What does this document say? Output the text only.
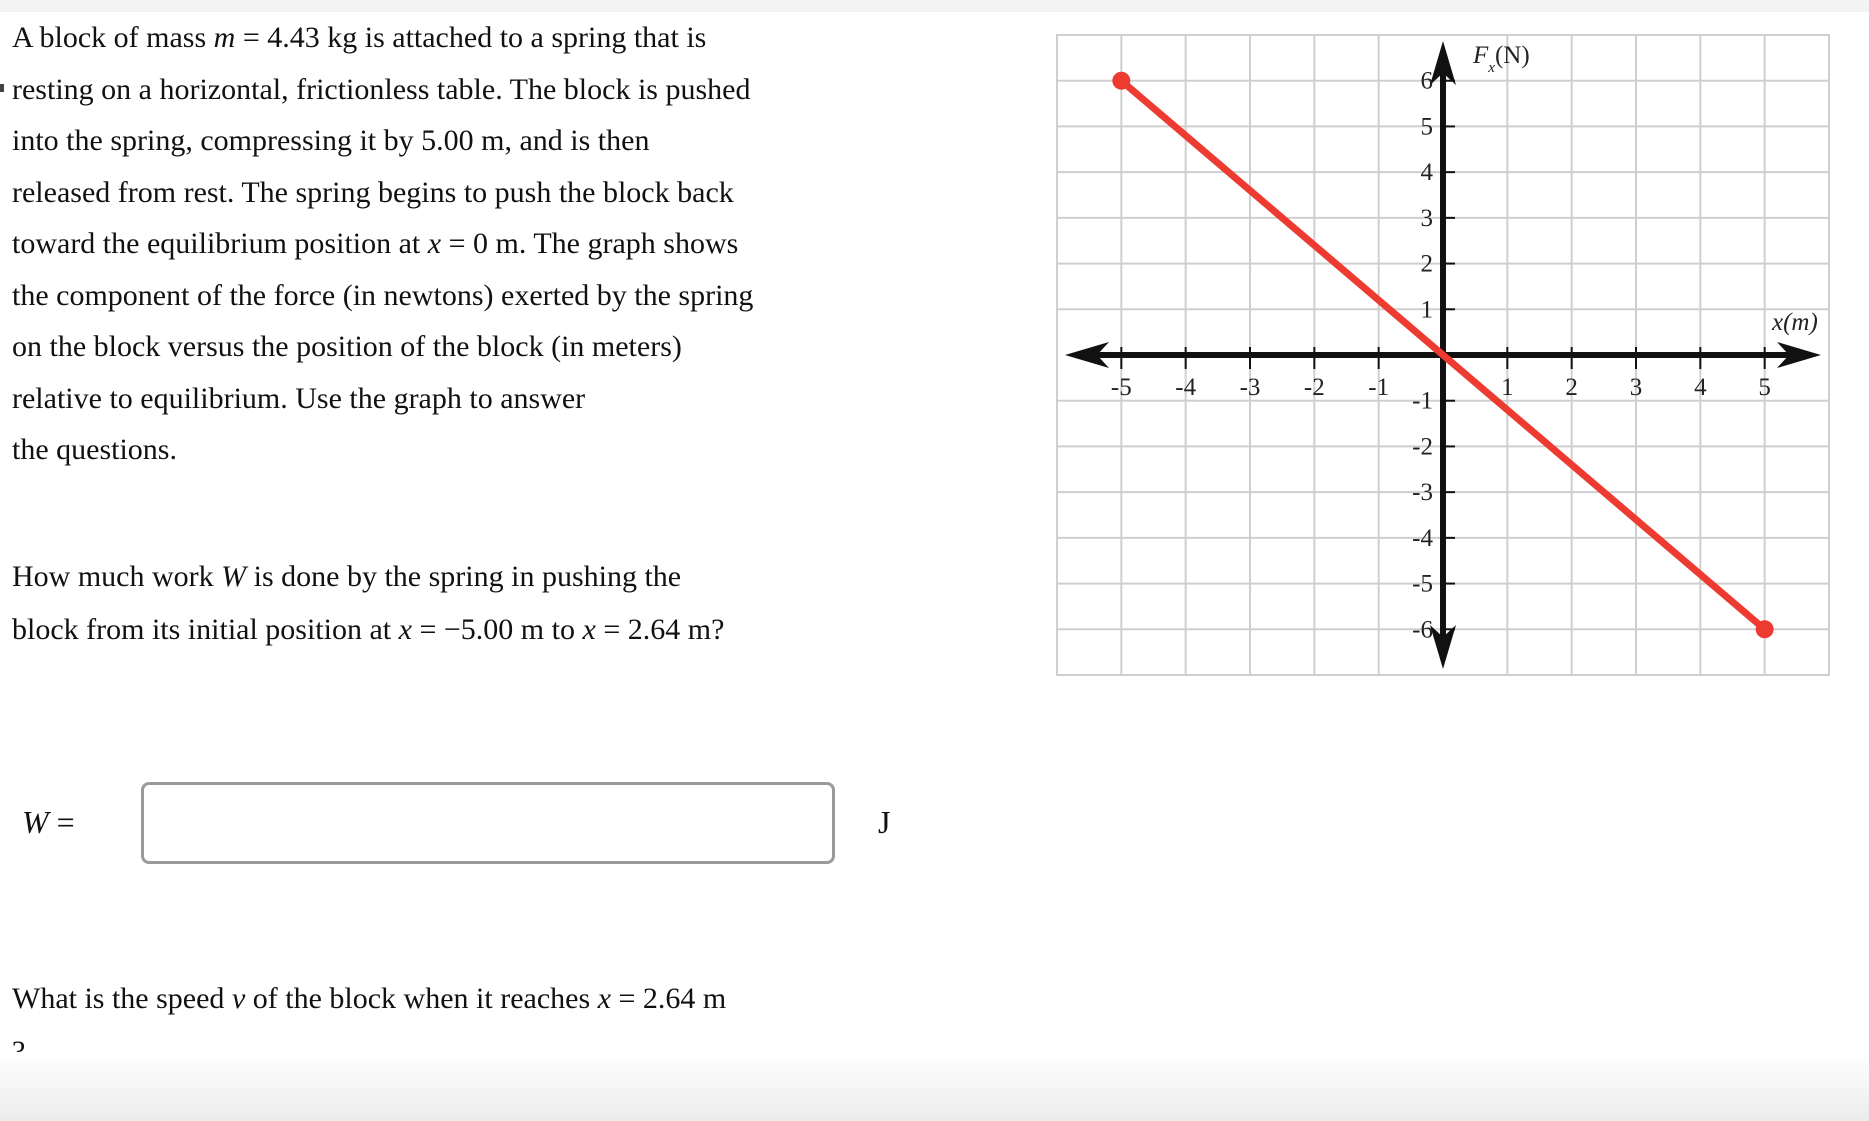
A block of mass m = 4.43 kg is attached to a spring that is

resting on a horizontal, frictionless table. The block is pushed

into the spring, compressing it by 5.00 m, and is then

released from rest. The spring begins to push the block back

toward the equilibrium position at x = 0 m. The graph shows

the component of the force (in newtons) exerted by the spring

on the block versus the position of the block (in meters)

relative to equilibrium. Use the graph to answer

the questions.

How much work W is done by the spring in pushing the

block from its initial position at x = −5.00 m to x = 2.64 m?

W =	J

What is the speed v of the block when it reaches x = 2.64 m

-5 -4 -3 -2 -1	1 2 3 4 5
6
5
4
3
2
1
-1
-2
-3
-4
-5
-6
$F_x(N)$
x(m)
